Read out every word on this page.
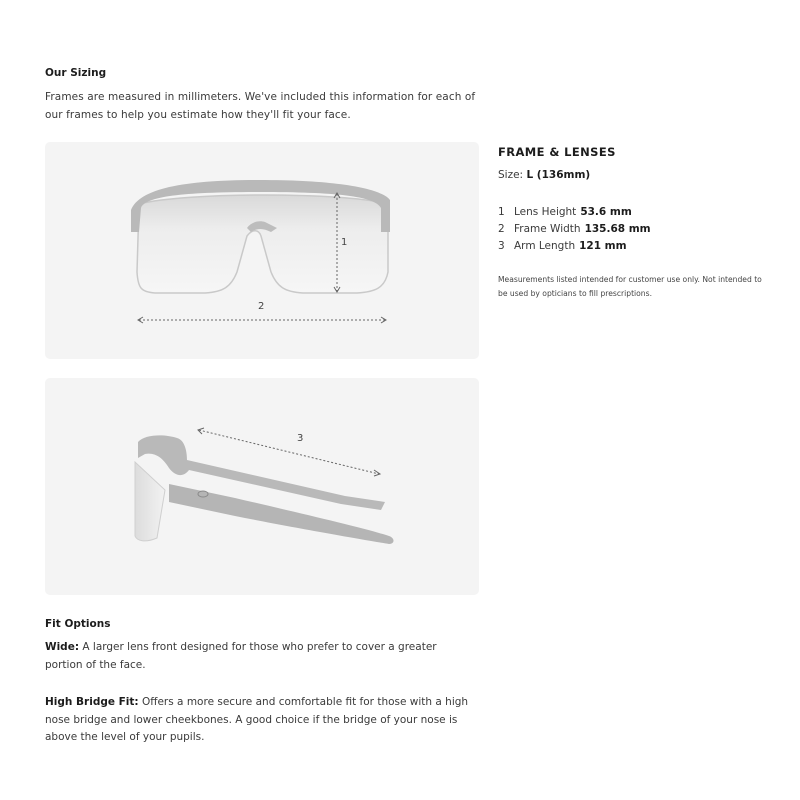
Our Sizing
Frames are measured in millimeters. We've included this information for each of
our frames to help you estimate how they'll fit your face.
1
2
3
FRAME & LENSES
Size: L (136mm)
1 Lens Height 53.6 mm
2 Frame Width 135.68 mm
3 Arm Length 121 mm
Measurements listed intended for customer use only. Not intended to
be used by opticians to fill prescriptions.
Fit Options
Wide: A larger lens front designed for those who prefer to cover a greater
portion of the face.
High Bridge Fit: Offers a more secure and comfortable fit for those with a high
nose bridge and lower cheekbones. A good choice if the bridge of your nose is
above the level of your pupils.
